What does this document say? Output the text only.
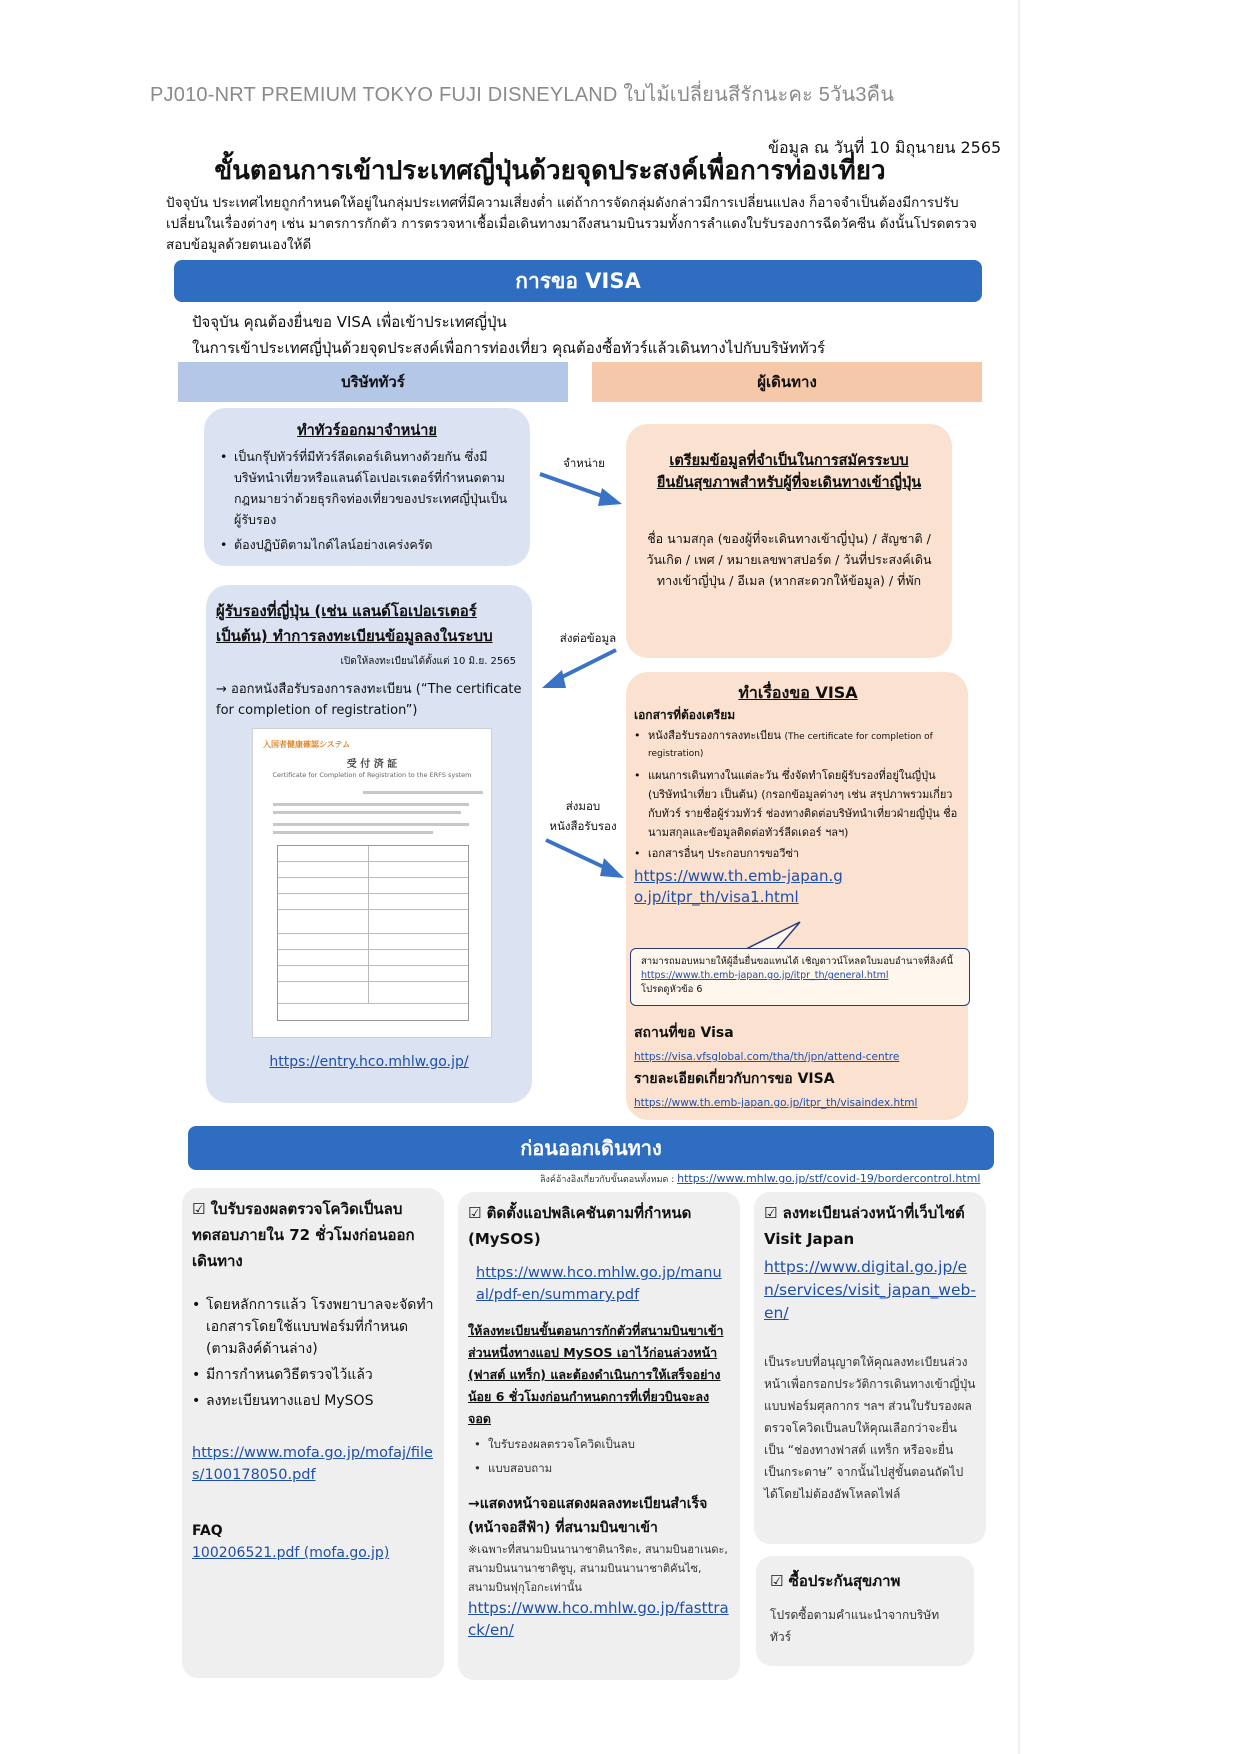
PJ010-NRT PREMIUM TOKYO FUJI DISNEYLAND ใบไม้เปลี่ยนสีรักนะคะ 5วัน3คืน
ข้อมูล ณ วันที่ 10 มิถุนายน 2565
ขั้นตอนการเข้าประเทศญี่ปุ่นด้วยจุดประสงค์เพื่อการท่องเที่ยว
ปัจจุบัน ประเทศไทยถูกกำหนดให้อยู่ในกลุ่มประเทศที่มีความเสี่ยงต่ำ แต่ถ้าการจัดกลุ่มดังกล่าวมีการเปลี่ยนแปลง ก็อาจจำเป็นต้องมีการปรับเปลี่ยนในเรื่องต่างๆ เช่น มาตรการกักตัว การตรวจหาเชื้อเมื่อเดินทางมาถึงสนามบินรวมทั้งการลำแดงใบรับรองการฉีดวัคซีน ดังนั้นโปรดตรวจสอบข้อมูลด้วยตนเองให้ดี
การขอ VISA
ปัจจุบัน คุณต้องยื่นขอ VISA เพื่อเข้าประเทศญี่ปุ่น
ในการเข้าประเทศญี่ปุ่นด้วยจุดประสงค์เพื่อการท่องเที่ยว คุณต้องซื้อทัวร์แล้วเดินทางไปกับบริษัททัวร์
บริษัททัวร์	ผู้เดินทาง
ทำทัวร์ออกมาจำหน่าย
• เป็นกรุ๊ปทัวร์ที่มีทัวร์ลีดเดอร์เดินทางด้วยกัน ซึ่งมีบริษัทนำเที่ยวหรือแลนด์โอเปอเรเตอร์ที่กำหนดตามกฎหมายว่าด้วยธุรกิจท่องเที่ยวของประเทศญี่ปุ่นเป็นผู้รับรอง
• ต้องปฏิบัติตามไกด์ไลน์อย่างเคร่งครัด
เตรียมข้อมูลที่จำเป็นในการสมัครระบบยืนยันสุขภาพสำหรับผู้ที่จะเดินทางเข้าญี่ปุ่น
ชื่อ นามสกุล (ของผู้ที่จะเดินทางเข้าญี่ปุ่น) / สัญชาติ / วันเกิด / เพศ / หมายเลขพาสปอร์ต / วันที่ประสงค์เดินทางเข้าญี่ปุ่น / อีเมล (หากสะดวกให้ข้อมูล) / ที่พัก
ผู้รับรองที่ญี่ปุ่น (เช่น แลนด์โอเปอเรเตอร์เป็นต้น) ทำการลงทะเบียนข้อมูลลงในระบบ
เปิดให้ลงทะเบียนได้ตั้งแต่ 10 มิ.ย. 2565
→ ออกหนังสือรับรองการลงทะเบียน (“The certificate for completion of registration”)
https://entry.hco.mhlw.go.jp/
入国者健康確認システム
受 付 済 証
Certificate for Completion of Registration to the ERFS system
ทำเรื่องขอ VISA
เอกสารที่ต้องเตรียม
• หนังสือรับรองการลงทะเบียน (The certificate for completion of registration)
• แผนการเดินทางในแต่ละวัน ซึ่งจัดทำโดยผู้รับรองที่อยู่ในญี่ปุ่น (บริษัทนำเที่ยว เป็นต้น) (กรอกข้อมูลต่างๆ เช่น สรุปภาพรวมเกี่ยวกับทัวร์ รายชื่อผู้ร่วมทัวร์ ช่องทางติดต่อบริษัทนำเที่ยวฝ่ายญี่ปุ่น ชื่อนามสกุลและข้อมูลติดต่อทัวร์ลีดเดอร์ ฯลฯ)
• เอกสารอื่นๆ ประกอบการขอวีซ่า
https://www.th.emb-japan.go.jp/itpr_th/visa1.html
สถานที่ขอ Visa
https://visa.vfsglobal.com/tha/th/jpn/attend-centre
รายละเอียดเกี่ยวกับการขอ VISA
https://www.th.emb-japan.go.jp/itpr_th/visaindex.html
สามารถมอบหมายให้ผู้อื่นยื่นขอแทนได้ เชิญดาวน์โหลดใบมอบอำนาจที่ลิงค์นี้
https://www.th.emb-japan.go.jp/itpr_th/general.html
โปรดดูหัวข้อ 6
จำหน่าย
ส่งต่อข้อมูล
ส่งมอบ
หนังสือรับรอง
ก่อนออกเดินทาง
ลิงค์อ้างอิงเกี่ยวกับขั้นตอนทั้งหมด : https://www.mhlw.go.jp/stf/covid-19/bordercontrol.html
☑ ใบรับรองผลตรวจโควิดเป็นลบ ทดสอบภายใน 72 ชั่วโมงก่อนออกเดินทาง
• โดยหลักการแล้ว โรงพยาบาลจะจัดทำเอกสารโดยใช้แบบฟอร์มที่กำหนด (ตามลิงค์ด้านล่าง)
• มีการกำหนดวิธีตรวจไว้แล้ว
• ลงทะเบียนทางแอป MySOS
https://www.mofa.go.jp/mofaj/files/100178050.pdf
FAQ
100206521.pdf (mofa.go.jp)
☑ ติดตั้งแอปพลิเคชันตามที่กำหนด (MySOS)
https://www.hco.mhlw.go.jp/manual/pdf-en/summary.pdf
ให้ลงทะเบียนขั้นตอนการกักตัวที่สนามบินขาเข้าส่วนหนึ่งทางแอป MySOS เอาไว้ก่อนล่วงหน้า (ฟาสต์ แทร็ก) และต้องดำเนินการให้เสร็จอย่างน้อย 6 ชั่วโมงก่อนกำหนดการที่เที่ยวบินจะลงจอด
• ใบรับรองผลตรวจโควิดเป็นลบ
• แบบสอบถาม
→แสดงหน้าจอแสดงผลลงทะเบียนสำเร็จ (หน้าจอสีฟ้า) ที่สนามบินขาเข้า
※เฉพาะที่สนามบินนานาชาตินาริตะ, สนามบินฮาเนดะ, สนามบินนานาชาติชูบุ, สนามบินนานาชาติคันไซ, สนามบินฟุกุโอกะเท่านั้น
https://www.hco.mhlw.go.jp/fasttrack/en/
☑ ลงทะเบียนล่วงหน้าที่เว็บไซต์ Visit Japan
https://www.digital.go.jp/en/services/visit_japan_web-en/
เป็นระบบที่อนุญาตให้คุณลงทะเบียนล่วงหน้าเพื่อกรอกประวัติการเดินทางเข้าญี่ปุ่น แบบฟอร์มศุลกากร ฯลฯ ส่วนใบรับรองผลตรวจโควิดเป็นลบให้คุณเลือกว่าจะยื่นเป็น “ช่องทางฟาสต์ แทร็ก หรือจะยื่นเป็นกระดาษ” จากนั้นไปสู่ขั้นตอนถัดไปได้โดยไม่ต้องอัพโหลดไฟล์
☑ ซื้อประกันสุขภาพ
โปรดซื้อตามคำแนะนำจากบริษัททัวร์
